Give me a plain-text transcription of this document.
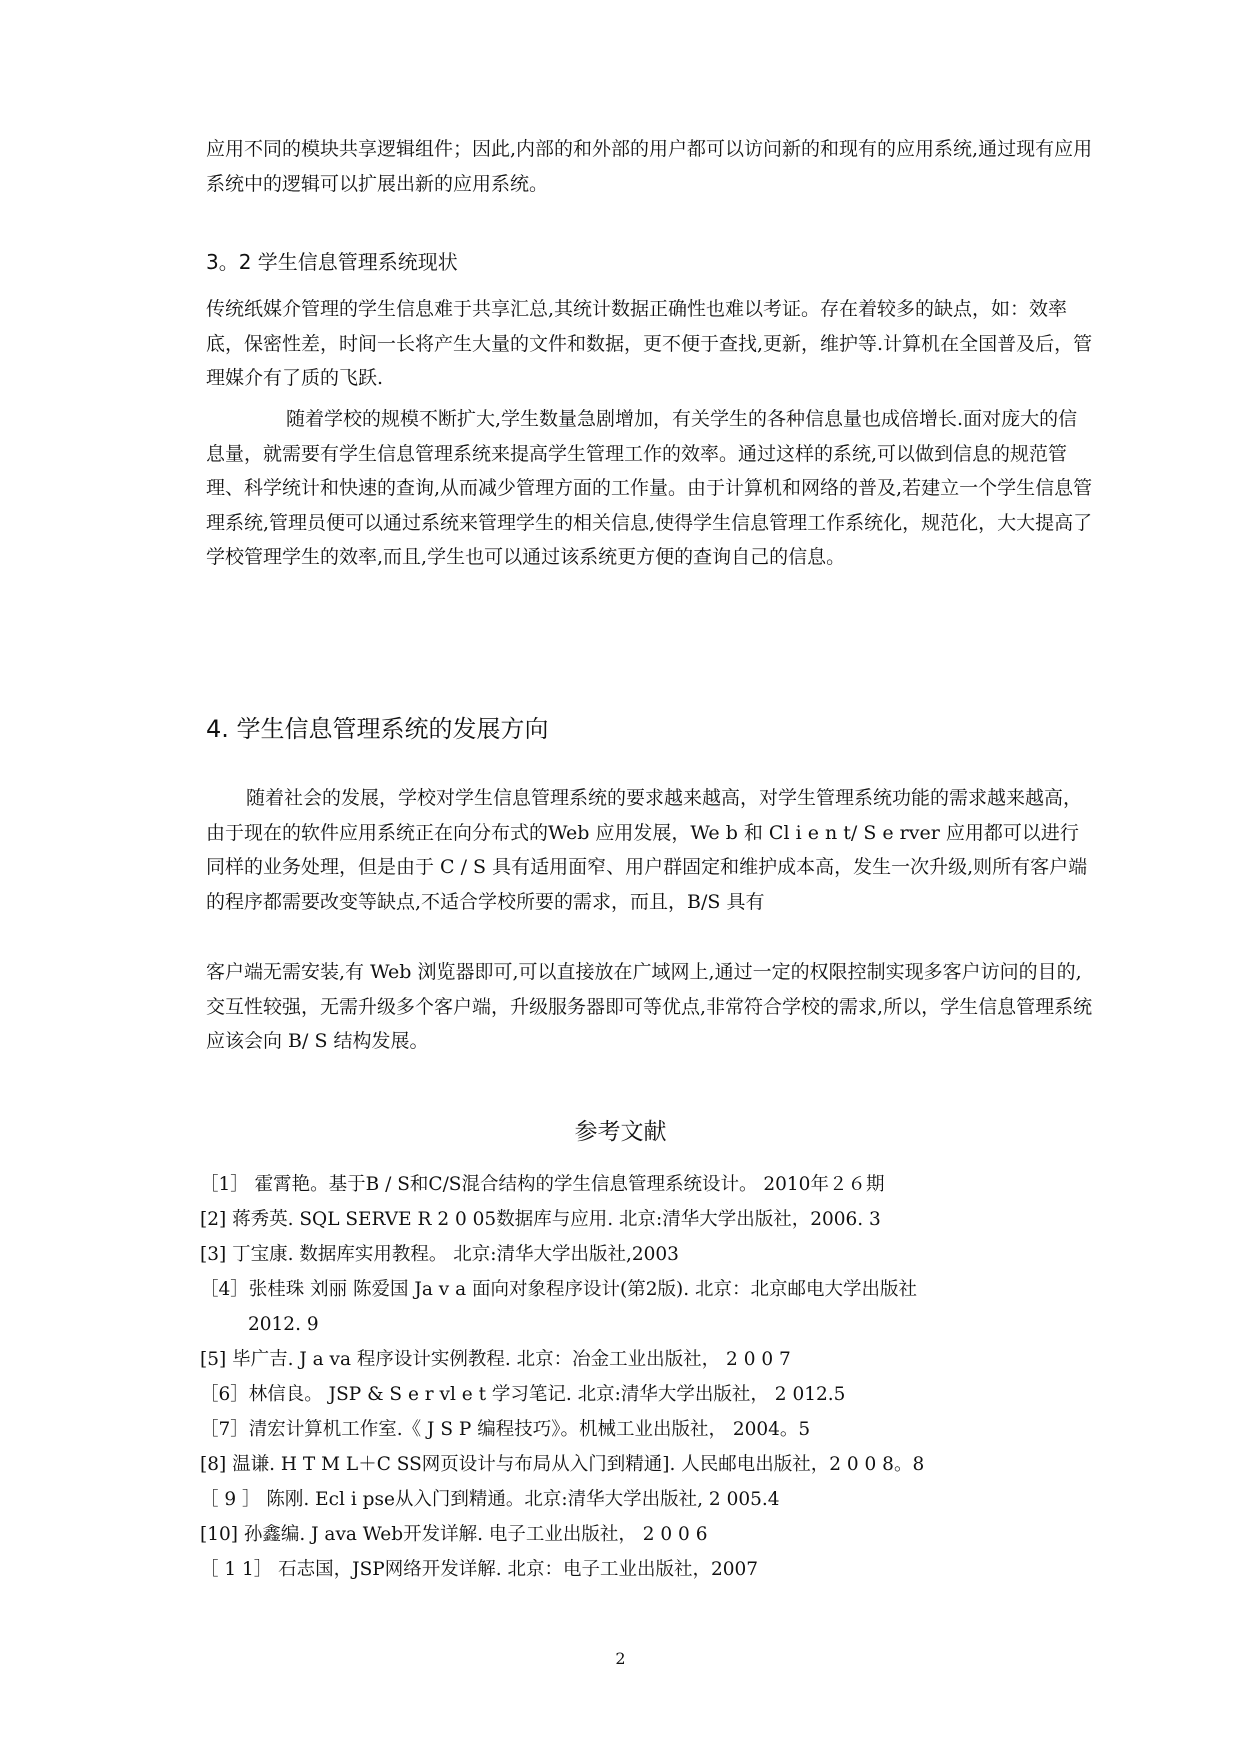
应用不同的模块共享逻辑组件；因此,内部的和外部的用户都可以访问新的和现有的应用系统,通过现有应用系统中的逻辑可以扩展出新的应用系统。

3。2 学生信息管理系统现状

传统纸媒介管理的学生信息难于共享汇总,其统计数据正确性也难以考证。存在着较多的缺点，如：效率底，保密性差，时间一长将产生大量的文件和数据，更不便于查找,更新，维护等.计算机在全国普及后，管理媒介有了质的飞跃.

随着学校的规模不断扩大,学生数量急剧增加，有关学生的各种信息量也成倍增长.面对庞大的信息量，就需要有学生信息管理系统来提高学生管理工作的效率。通过这样的系统,可以做到信息的规范管理、科学统计和快速的查询,从而减少管理方面的工作量。由于计算机和网络的普及,若建立一个学生信息管理系统,管理员便可以通过系统来管理学生的相关信息,使得学生信息管理工作系统化，规范化，大大提高了学校管理学生的效率,而且,学生也可以通过该系统更方便的查询自己的信息。

4. 学生信息管理系统的发展方向

随着社会的发展，学校对学生信息管理系统的要求越来越高，对学生管理系统功能的需求越来越高，由于现在的软件应用系统正在向分布式的Web 应用发展，We b 和 Cl i e n t/ S e rver 应用都可以进行同样的业务处理，但是由于 C / S 具有适用面窄、用户群固定和维护成本高，发生一次升级,则所有客户端的程序都需要改变等缺点,不适合学校所要的需求，而且，B/S 具有

客户端无需安装,有 Web 浏览器即可,可以直接放在广域网上,通过一定的权限控制实现多客户访问的目的,交互性较强，无需升级多个客户端，升级服务器即可等优点,非常符合学校的需求,所以，学生信息管理系统应该会向 B/ S 结构发展。

参考文献
［1］ 霍霄艳。基于B / S和C/S混合结构的学生信息管理系统设计。 2010年２６期
[2] 蒋秀英. SQL SERVE R 2 0 05数据库与应用. 北京:清华大学出版社，2006. 3
[3] 丁宝康. 数据库实用教程。 北京:清华大学出版社,2003
［4］张桂珠 刘丽 陈爱国 Ja v a 面向对象程序设计(第2版). 北京：北京邮电大学出版社
2012. 9
[5] 毕广吉. J a va 程序设计实例教程. 北京：冶金工业出版社， 2 0 0 7
［6］林信良。 JSP & S e r vl e t 学习笔记. 北京:清华大学出版社， 2 012.5
［7］清宏计算机工作室.《 J S P 编程技巧》。机械工业出版社， 2004。5
[8] 温谦. H T M L＋C SS网页设计与布局从入门到精通]. 人民邮电出版社，2 0 0 8。8
［ 9 ］ 陈刚. Ecl i pse从入门到精通。北京:清华大学出版社, 2 005.4
[10] 孙鑫编. J ava Web开发详解. 电子工业出版社， 2 0 0 6
［ 1 1］ 石志国，JSP网络开发详解. 北京：电子工业出版社，2007
2
